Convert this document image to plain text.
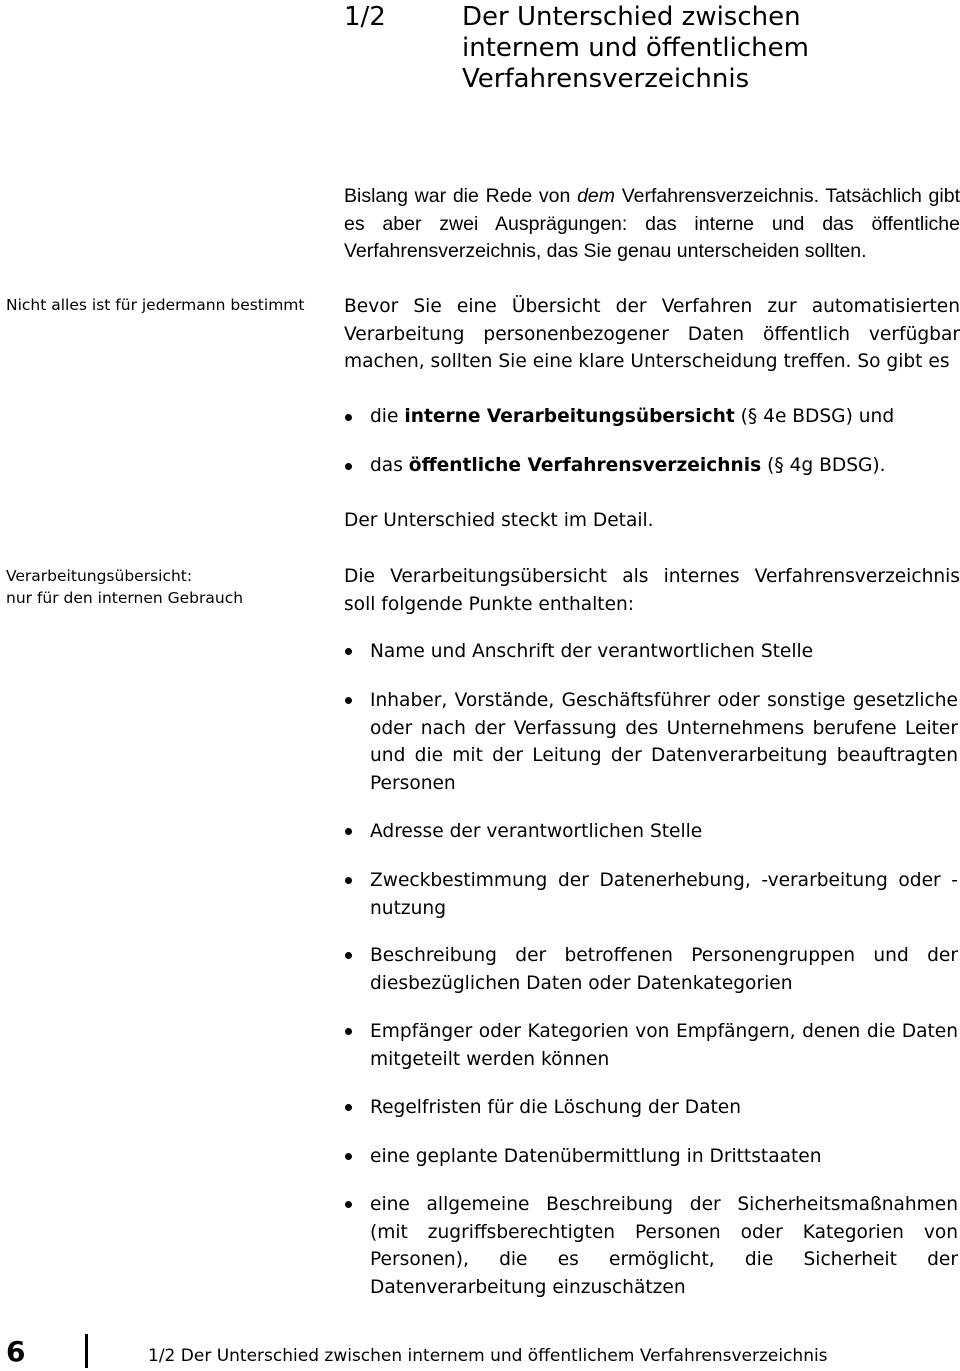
1/2	Der Unterschied zwischen
internem und öffentlichem
Verfahrensverzeichnis
Bislang war die Rede von dem Verfahrensverzeichnis. Tatsächlich gibt es aber zwei Ausprägungen: das interne und das öffentliche Verfahrensverzeichnis, das Sie genau unterscheiden sollten.
Nicht alles ist für jedermann bestimmt Bevor Sie eine Übersicht der Verfahren zur automatisierten Verarbeitung personenbezogener Daten öffentlich verfügbar machen, sollten Sie eine klare Unterscheidung treffen. So gibt es
die interne Verarbeitungsübersicht (§ 4e BDSG) und
das öffentliche Verfahrensverzeichnis (§ 4g BDSG).
Der Unterschied steckt im Detail.
Verarbeitungsübersicht:
nur für den internen Gebrauch
Die Verarbeitungsübersicht als internes Verfahrensverzeichnis soll folgende Punkte enthalten:
Name und Anschrift der verantwortlichen Stelle
Inhaber, Vorstände, Geschäftsführer oder sonstige gesetzliche oder nach der Verfassung des Unternehmens berufene Leiter und die mit der Leitung der Datenverarbeitung beauftragten Personen
Adresse der verantwortlichen Stelle
Zweckbestimmung der Datenerhebung, -verarbeitung oder -nutzung
Beschreibung der betroffenen Personengruppen und der diesbezüglichen Daten oder Datenkategorien
Empfänger oder Kategorien von Empfängern, denen die Daten mitgeteilt werden können
Regelfristen für die Löschung der Daten
eine geplante Datenübermittlung in Drittstaaten
eine allgemeine Beschreibung der Sicherheitsmaßnahmen (mit zugriffsberechtigten Personen oder Kategorien von Personen), die es ermöglicht, die Sicherheit der Datenverarbeitung einzuschätzen
6	1/2 Der Unterschied zwischen internem und öffentlichem Verfahrensverzeichnis
